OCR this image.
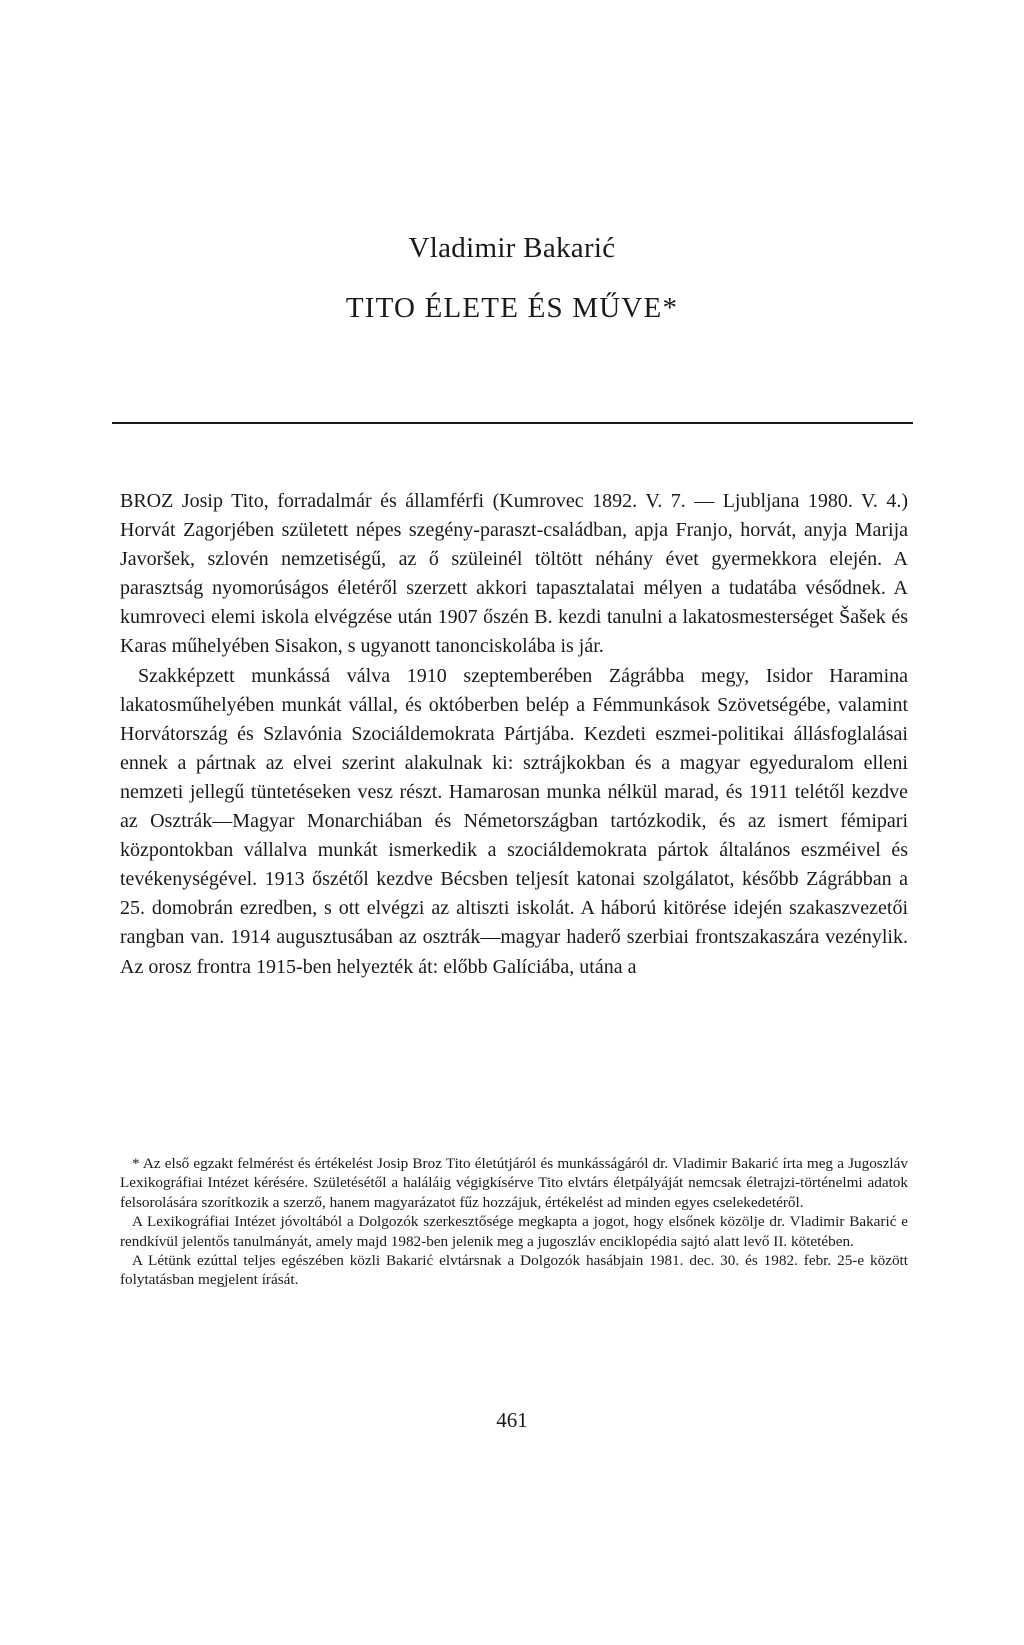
Vladimir Bakarić
TITO ÉLETE ÉS MŰVE*

BROZ Josip Tito, forradalmár és államférfi (Kumrovec 1892. V. 7. — Ljubljana 1980. V. 4.) Horvát Zagorjében született népes szegény-paraszt-családban, apja Franjo, horvát, anyja Marija Javoršek, szlovén nemzetiségű, az ő szüleinél töltött néhány évet gyermekkora elején. A parasztság nyomorúságos életéről szerzett akkori tapasztalatai mélyen a tudatába vésődnek. A kumroveci elemi iskola elvégzése után 1907 őszén B. kezdi tanulni a lakatosmesterséget Šašek és Karas műhelyében Sisakon, s ugyanott tanonciskolába is jár.

Szakképzett munkássá válva 1910 szeptemberében Zágrábba megy, Isidor Haramina lakatosműhelyében munkát vállal, és októberben belép a Fémmunkások Szövetségébe, valamint Horvátország és Szlavónia Szociáldemokrata Pártjába. Kezdeti eszmei-politikai állásfoglalásai ennek a pártnak az elvei szerint alakulnak ki: sztrájkokban és a magyar egyeduralom elleni nemzeti jellegű tüntetéseken vesz részt. Hamarosan munka nélkül marad, és 1911 telétől kezdve az Osztrák—Magyar Monarchiában és Németországban tartózkodik, és az ismert fémipari központokban vállalva munkát ismerkedik a szociáldemokrata pártok általános eszméivel és tevékenységével. 1913 őszétől kezdve Bécsben teljesít katonai szolgálatot, később Zágrábban a 25. domobrán ezredben, s ott elvégzi az altiszti iskolát. A háború kitörése idején szakaszvezetői rangban van. 1914 augusztusában az osztrák—magyar haderő szerbiai frontszakaszára vezénylik. Az orosz frontra 1915-ben helyezték át: előbb Galíciába, utána a

* Az első egzakt felmérést és értékelést Josip Broz Tito életútjáról és munkásságáról dr. Vladimir Bakarić írta meg a Jugoszláv Lexikográfiai Intézet kérésére. Születésétől a haláláig végigkísérve Tito elvtárs életpályáját nemcsak életrajzi-történelmi adatok felsorolására szorítkozik a szerző, hanem magyarázatot fűz hozzájuk, értékelést ad minden egyes cselekedetéről.

A Lexikográfiai Intézet jóvoltából a Dolgozók szerkesztősége megkapta a jogot, hogy elsőnek közölje dr. Vladimir Bakarić e rendkívül jelentős tanulmányát, amely majd 1982-ben jelenik meg a jugoszláv enciklopédia sajtó alatt levő II. kötetében.

A Létünk ezúttal teljes egészében közli Bakarić elvtársnak a Dolgozók hasábjain 1981. dec. 30. és 1982. febr. 25-e között folytatásban megjelent írását.

461
